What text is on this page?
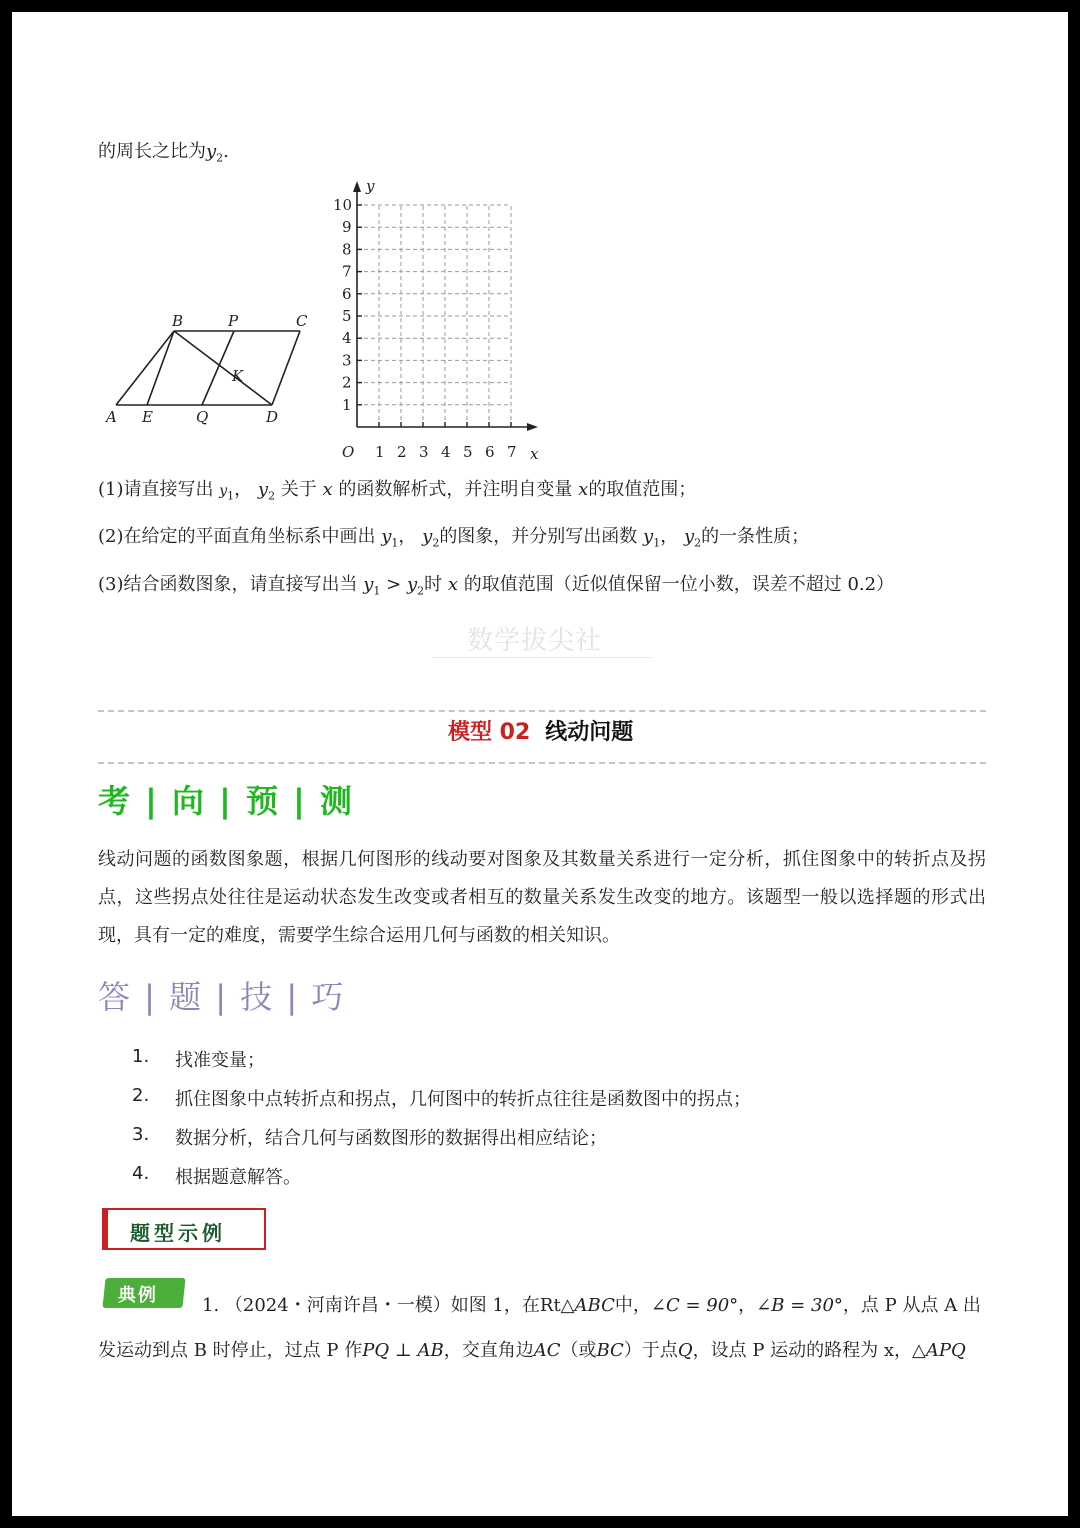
的周长之比为$y_2$.
A E	Q	D
B	P	C
K
y
x
O
1
2
3
4
5
6
7
8
9
10
1 2 3 4 5 6 7
(1)请直接写出 $y_1$， $y_2$ 关于 x 的函数解析式，并注明自变量 x的取值范围；
(2)在给定的平面直角坐标系中画出 $y_1$， $y_2$的图象，并分别写出函数 $y_1$， $y_2$的一条性质；
(3)结合函数图象，请直接写出当 $y_1 > y_2$时 x 的取值范围（近似值保留一位小数，误差不超过 0.2）
数学拔尖社
模型 02 线动问题
考 | 向 | 预 | 测
线动问题的函数图象题，根据几何图形的线动要对图象及其数量关系进行一定分析，抓住图象中的转折点及拐点，这些拐点处往往是运动状态发生改变或者相互的数量关系发生改变的地方。该题型一般以选择题的形式出现，具有一定的难度，需要学生综合运用几何与函数的相关知识。
答 | 题 | 技 | 巧
1. 找准变量；
2. 抓住图象中点转折点和拐点，几何图中的转折点往往是函数图中的拐点；
3. 数据分析，结合几何与函数图形的数据得出相应结论；
4. 根据题意解答。
题型示例
典例 1. （2024・河南许昌・一模）如图 1，在Rt△ABC中，∠C = 90°，∠B = 30°，点 P 从点 A 出
发运动到点 B 时停止，过点 P 作PQ ⊥ AB，交直角边AC（或BC）于点Q，设点 P 运动的路程为 x，△APQ
